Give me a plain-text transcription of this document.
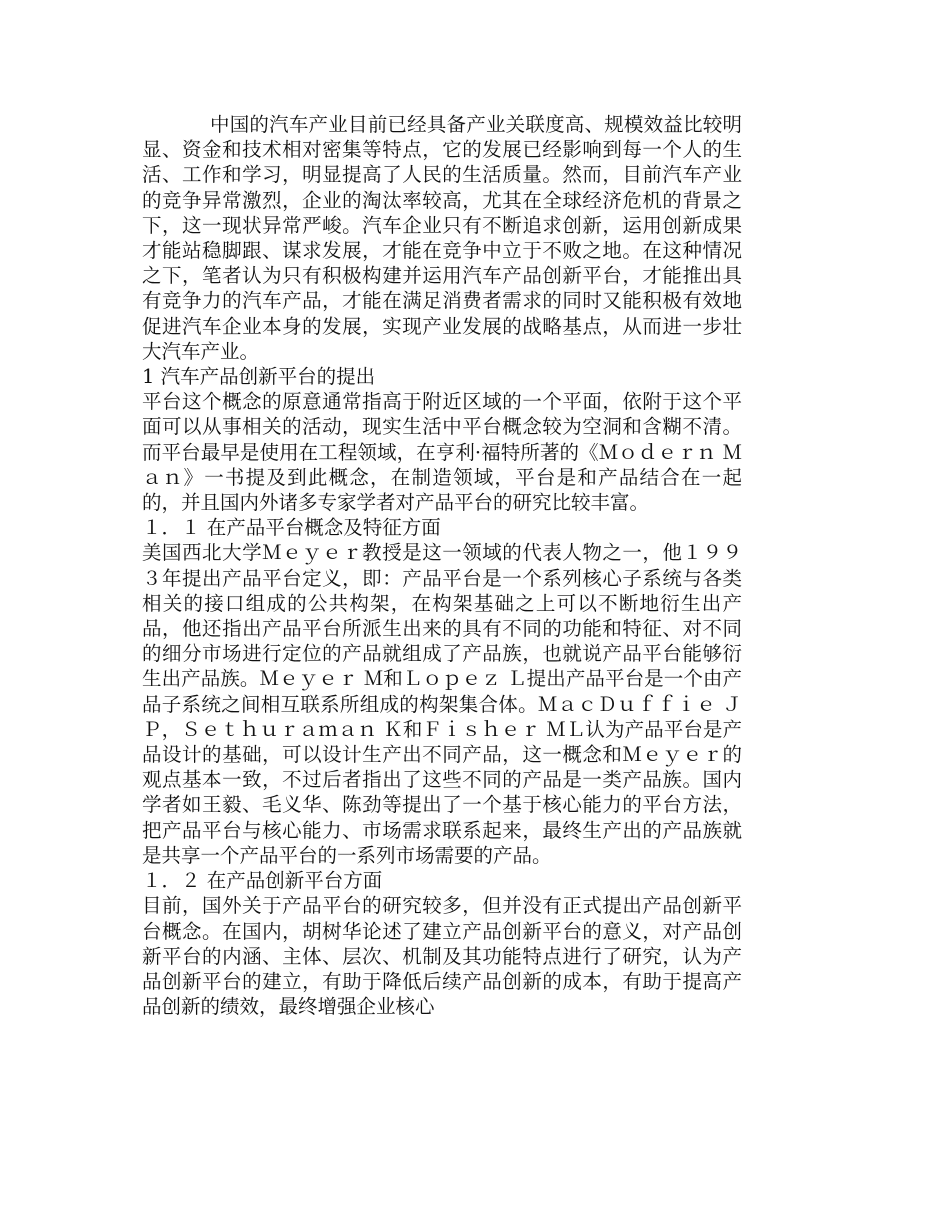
中国的汽车产业目前已经具备产业关联度高、规模效益比较明显、资金和技术相对密集等特点，它的发展已经影响到每一个人的生活、工作和学习，明显提高了人民的生活质量。然而，目前汽车产业的竞争异常激烈，企业的淘汰率较高，尤其在全球经济危机的背景之下，这一现状异常严峻。汽车企业只有不断追求创新，运用创新成果才能站稳脚跟、谋求发展，才能在竞争中立于不败之地。在这种情况之下，笔者认为只有积极构建并运用汽车产品创新平台，才能推出具有竞争力的汽车产品，才能在满足消费者需求的同时又能积极有效地促进汽车企业本身的发展，实现产业发展的战略基点，从而进一步壮大汽车产业。

1 汽车产品创新平台的提出

平台这个概念的原意通常指高于附近区域的一个平面，依附于这个平面可以从事相关的活动，现实生活中平台概念较为空洞和含糊不清。而平台最早是使用在工程领域，在亨利·福特所著的《Ｍｏｄｅｒｎ Ｍａｎ》一书提及到此概念，在制造领域，平台是和产品结合在一起的，并且国内外诸多专家学者对产品平台的研究比较丰富。

１．１ 在产品平台概念及特征方面

美国西北大学Ｍｅｙｅｒ教授是这一领域的代表人物之一，他１９９３年提出产品平台定义，即：产品平台是一个系列核心子系统与各类相关的接口组成的公共构架，在构架基础之上可以不断地衍生出产品，他还指出产品平台所派生出来的具有不同的功能和特征、对不同的细分市场进行定位的产品就组成了产品族，也就说产品平台能够衍生出产品族。Ｍｅｙｅｒ Ｍ和Ｌｏｐｅｚ Ｌ提出产品平台是一个由产品子系统之间相互联系所组成的构架集合体。ＭａｃＤｕｆｆｉｅ ＪＰ，Ｓｅｔｈｕｒａｍａｎ Ｋ和Ｆｉｓｈｅｒ ＭＬ认为产品平台是产品设计的基础，可以设计生产出不同产品，这一概念和Ｍｅｙｅｒ的观点基本一致，不过后者指出了这些不同的产品是一类产品族。国内学者如王毅、毛义华、陈劲等提出了一个基于核心能力的平台方法，把产品平台与核心能力、市场需求联系起来，最终生产出的产品族就是共享一个产品平台的一系列市场需要的产品。

１．２ 在产品创新平台方面

目前，国外关于产品平台的研究较多，但并没有正式提出产品创新平台概念。在国内，胡树华论述了建立产品创新平台的意义，对产品创新平台的内涵、主体、层次、机制及其功能特点进行了研究，认为产品创新平台的建立，有助于降低后续产品创新的成本，有助于提高产品创新的绩效，最终增强企业核心
